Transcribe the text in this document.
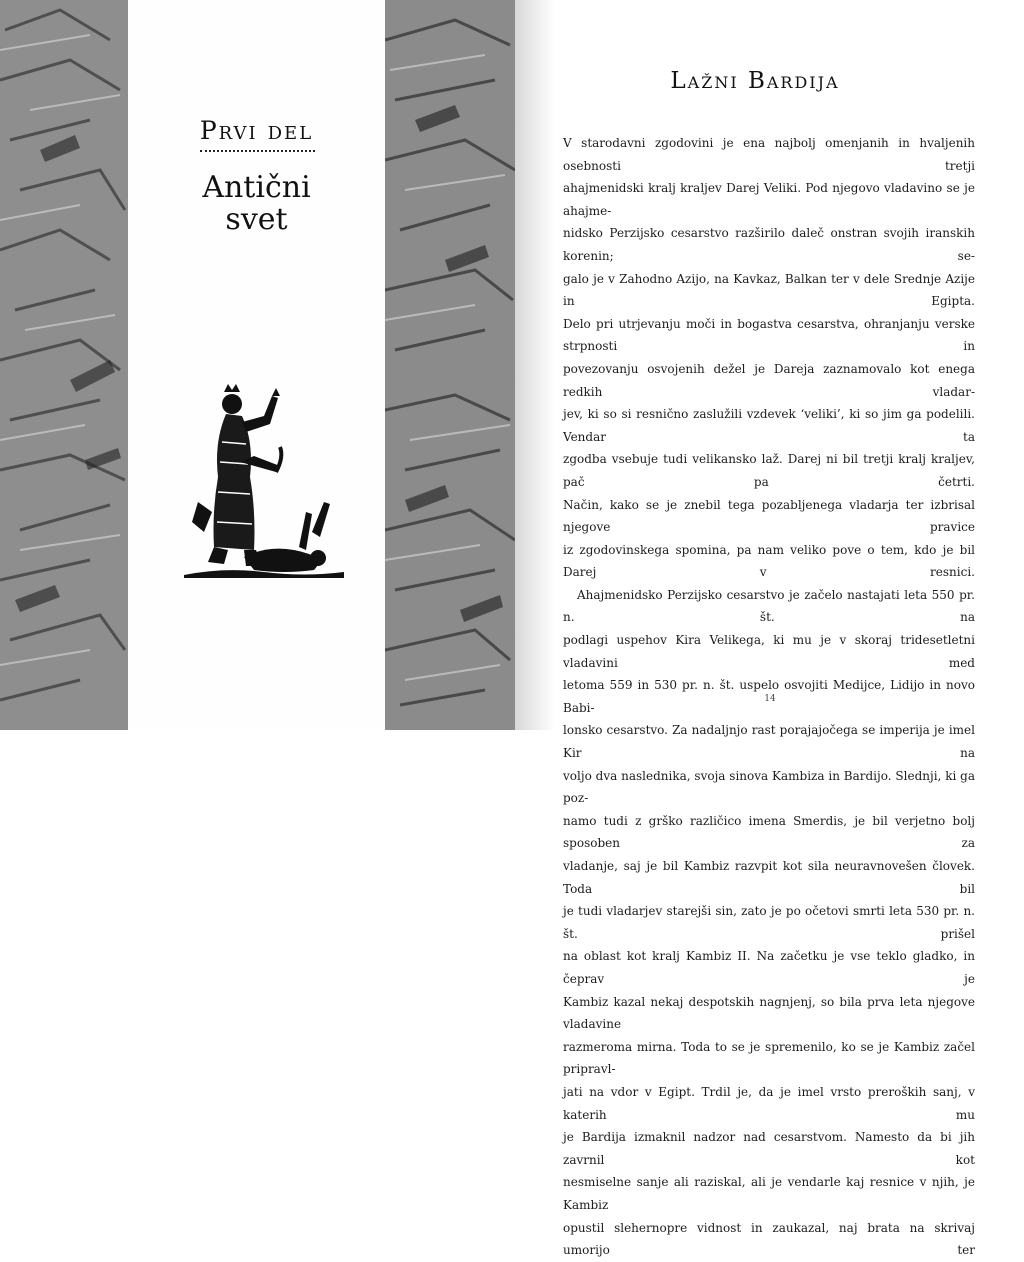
Prvi del
Antični
svet
Lažni Bardija

V starodavni zgodovini je ena najbolj omenjanih in hvaljenih osebnosti tretji

ahajmenidski kralj kraljev Darej Veliki. Pod njegovo vladavino se je ahajme-

nidsko Perzijsko cesarstvo razširilo daleč onstran svojih iranskih korenin; se-

galo je v Zahodno Azijo, na Kavkaz, Balkan ter v dele Srednje Azije in Egipta.

Delo pri utrjevanju moči in bogastva cesarstva, ohranjanju verske strpnosti in

povezovanju osvojenih dežel je Dareja zaznamovalo kot enega redkih vladar-

jev, ki so si resnično zaslužili vzdevek ‘veliki’, ki so jim ga podelili. Vendar ta

zgodba vsebuje tudi velikansko laž. Darej ni bil tretji kralj kraljev, pač pa četrti.

Način, kako se je znebil tega pozabljenega vladarja ter izbrisal njegove pravice

iz zgodovinskega spomina, pa nam veliko pove o tem, kdo je bil Darej v resnici.

Ahajmenidsko Perzijsko cesarstvo je začelo nastajati leta 550 pr. n. št. na

podlagi uspehov Kira Velikega, ki mu je v skoraj tridesetletni vladavini med

letoma 559 in 530 pr. n. št. uspelo osvojiti Medijce, Lidijo in novo Babi-

lonsko cesarstvo. Za nadaljnjo rast porajajočega se imperija je imel Kir na

voljo dva naslednika, svoja sinova Kambiza in Bardijo. Slednji, ki ga poz-

namo tudi z grško različico imena Smerdis, je bil verjetno bolj sposoben za

vladanje, saj je bil Kambiz razvpit kot sila neuravnovešen človek. Toda bil

je tudi vladarjev starejši sin, zato je po očetovi smrti leta 530 pr. n. št. prišel

na oblast kot kralj Kambiz II. Na začetku je vse teklo gladko, in čeprav je

Kambiz kazal nekaj despotskih nagnjenj, so bila prva leta njegove vladavine

razmeroma mirna. Toda to se je spremenilo, ko se je Kambiz začel pripravl-

jati na vdor v Egipt. Trdil je, da je imel vrsto preroških sanj, v katerih mu

je Bardija izmaknil nadzor nad cesarstvom. Namesto da bi jih zavrnil kot

nesmiselne sanje ali raziskal, ali je vendarle kaj resnice v njih, je Kambiz

opustil slehernopre vidnost in zaukazal, naj brata na skrivaj umorijo ter

14
